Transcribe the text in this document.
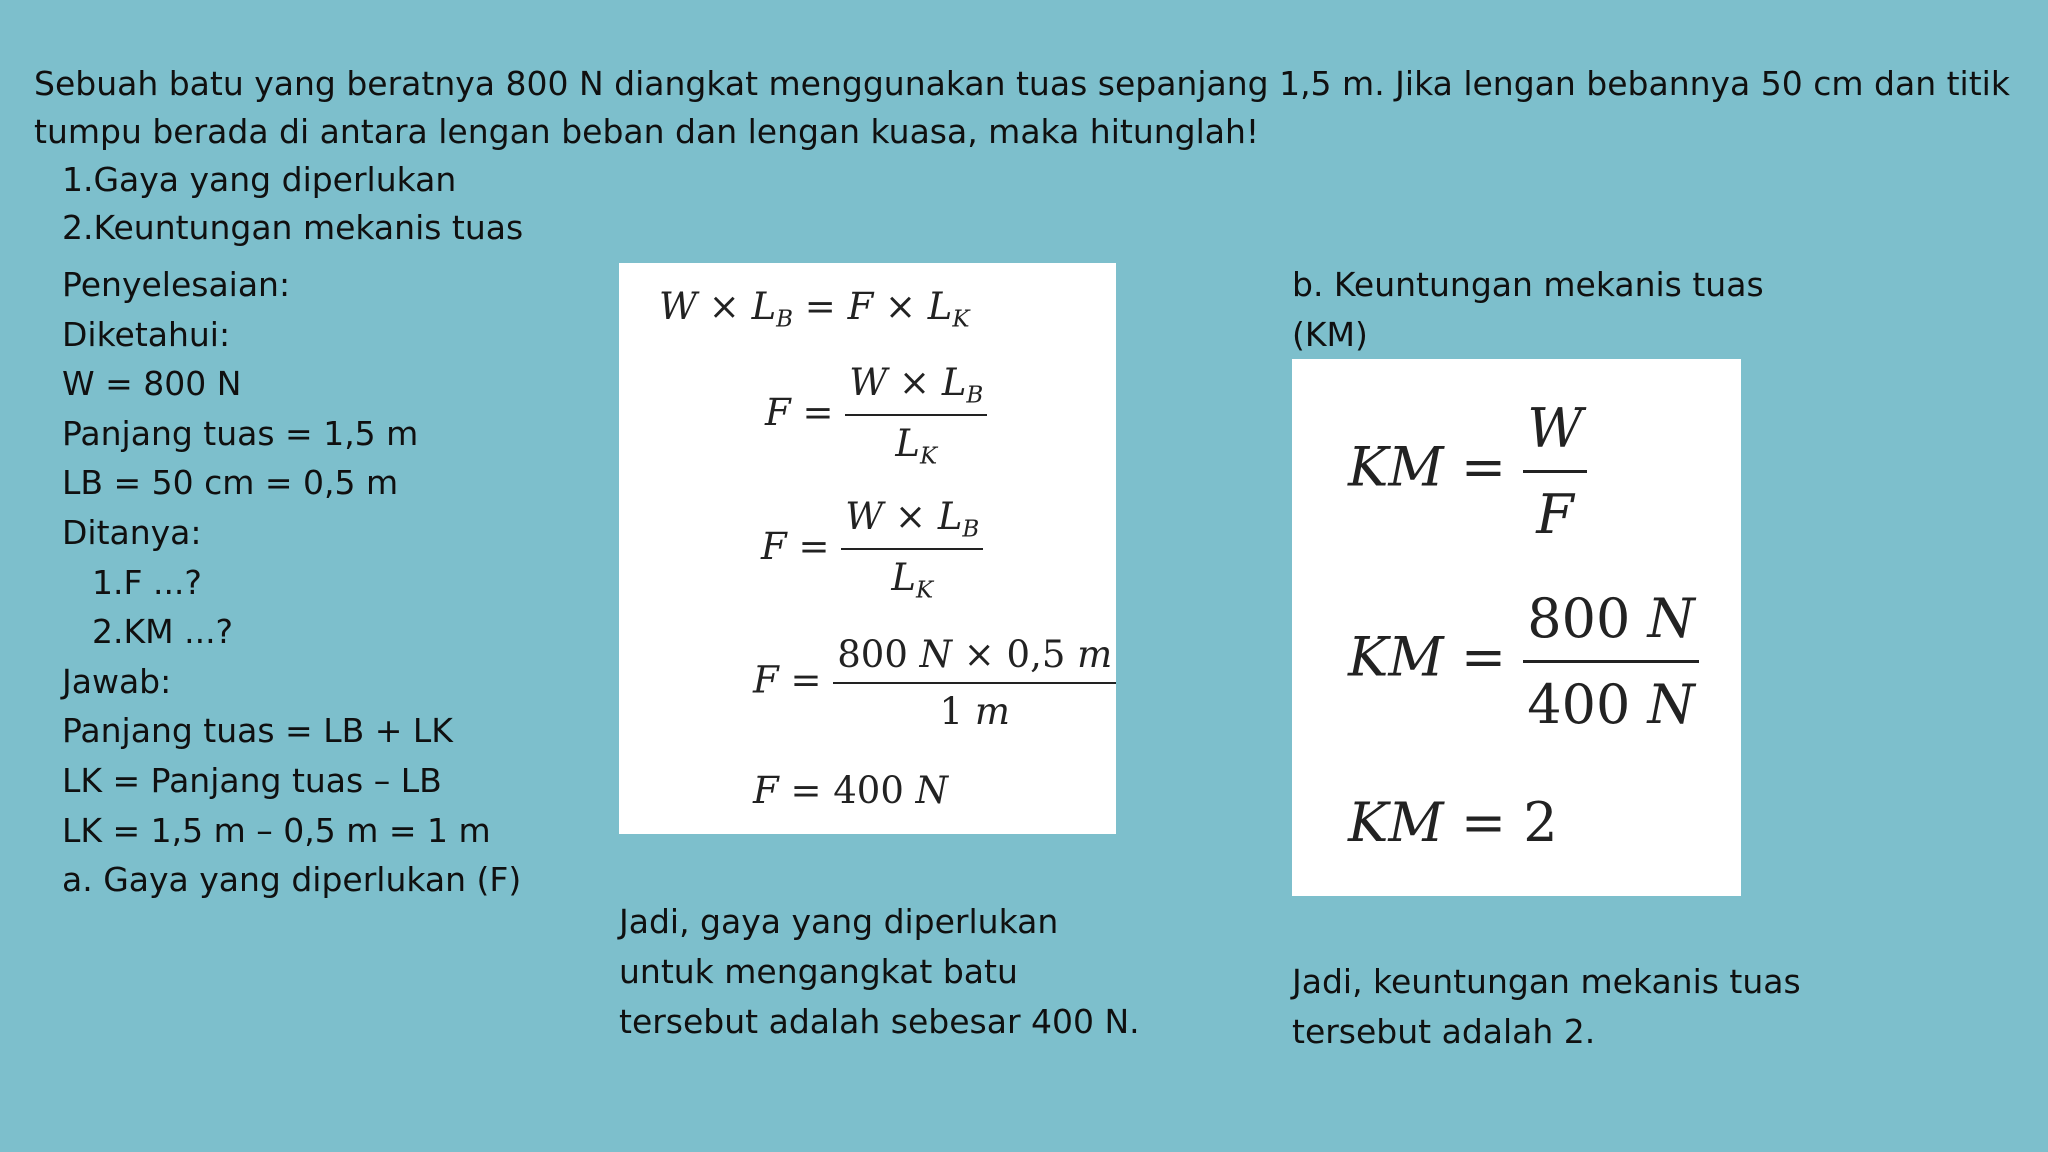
Sebuah batu yang beratnya 800 N diangkat menggunakan tuas sepanjang 1,5 m. Jika lengan bebannya 50 cm dan titik
tumpu berada di antara lengan beban dan lengan kuasa, maka hitunglah!
1.Gaya yang diperlukan
2.Keuntungan mekanis tuas
Penyelesaian:
Diketahui:
W = 800 N
Panjang tuas = 1,5 m
LB = 50 cm = 0,5 m
Ditanya:
1.F ...?
2.KM ...?
Jawab:
Panjang tuas = LB + LK
LK = Panjang tuas – LB
LK = 1,5 m – 0,5 m = 1 m
a. Gaya yang diperlukan (F)
$W \times L_B = F \times L_K$
$F = \frac{W \times L_B}{L_K}$
$F = \frac{W \times L_B}{L_K}$
$F = \frac{800 N \times 0,5 m}{1 m}$
F = 400 N
Jadi, gaya yang diperlukan
untuk mengangkat batu
tersebut adalah sebesar 400 N.
b. Keuntungan mekanis tuas
(KM)
KM = $\frac{W}{F}$
KM = $\frac{800 N}{400 N}$
KM = 2
Jadi, keuntungan mekanis tuas
tersebut adalah 2.
